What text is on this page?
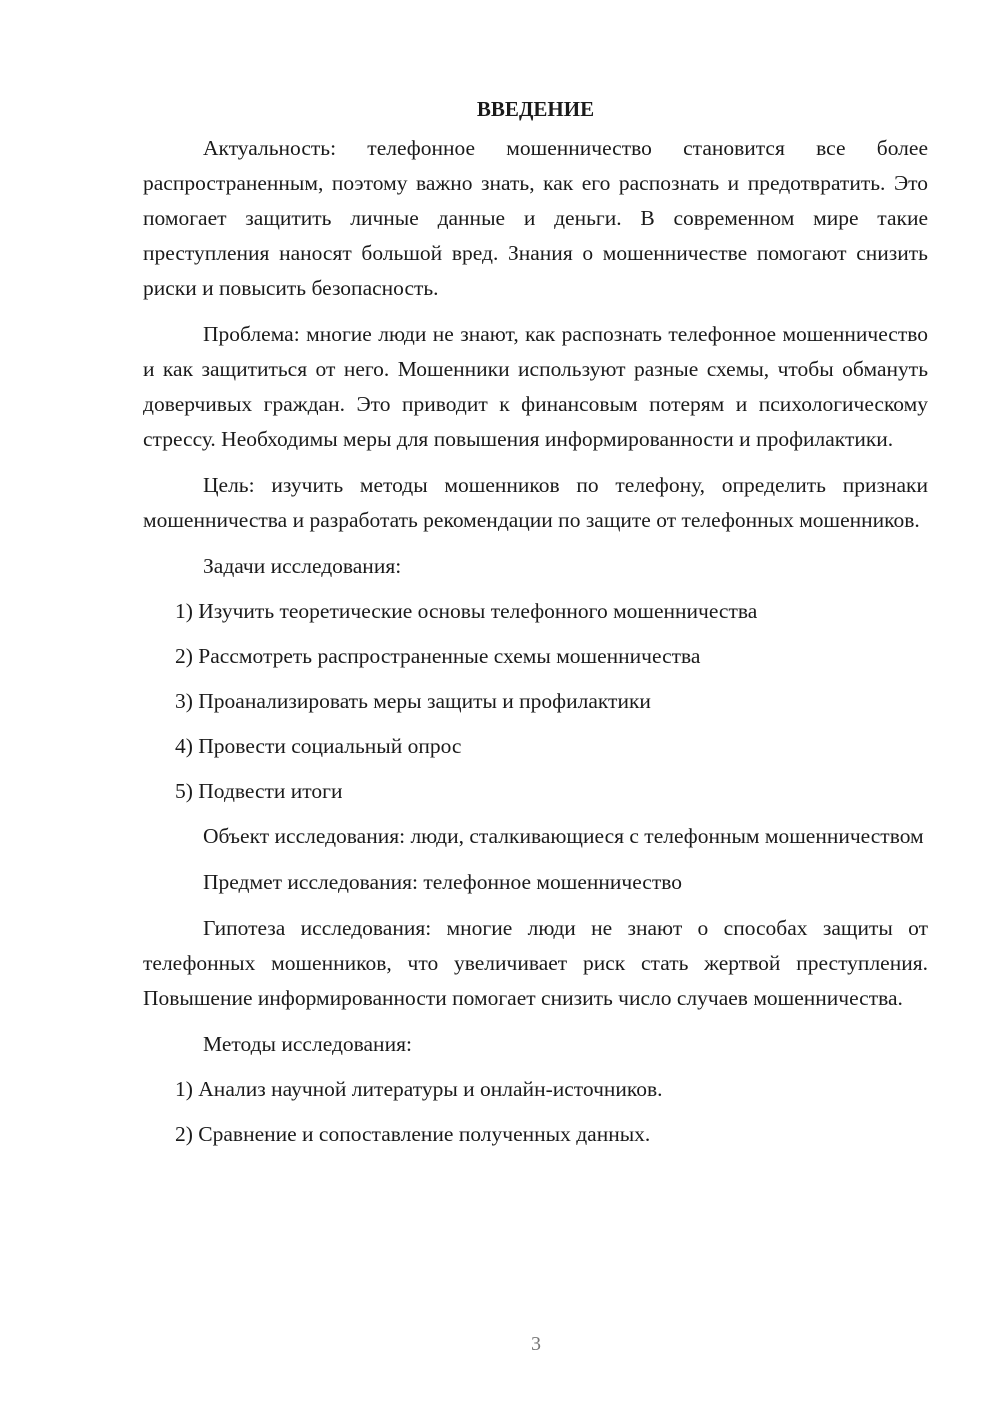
ВВЕДЕНИЕ

Актуальность: телефонное мошенничество становится все более распространенным, поэтому важно знать, как его распознать и предотвратить. Это помогает защитить личные данные и деньги. В современном мире такие преступления наносят большой вред. Знания о мошенничестве помогают снизить риски и повысить безопасность.

Проблема: многие люди не знают, как распознать телефонное мошенничество и как защититься от него. Мошенники используют разные схемы, чтобы обмануть доверчивых граждан. Это приводит к финансовым потерям и психологическому стрессу. Необходимы меры для повышения информированности и профилактики.

Цель: изучить методы мошенников по телефону, определить признаки мошенничества и разработать рекомендации по защите от телефонных мошенников.

Задачи исследования:

1) Изучить теоретические основы телефонного мошенничества

2) Рассмотреть распространенные схемы мошенничества

3) Проанализировать меры защиты и профилактики

4) Провести социальный опрос

5) Подвести итоги

Объект исследования: люди, сталкивающиеся с телефонным мошенничеством

Предмет исследования: телефонное мошенничество

Гипотеза исследования: многие люди не знают о способах защиты от телефонных мошенников, что увеличивает риск стать жертвой преступления. Повышение информированности помогает снизить число случаев мошенничества.

Методы исследования:

1) Анализ научной литературы и онлайн-источников.

2) Сравнение и сопоставление полученных данных.

3
